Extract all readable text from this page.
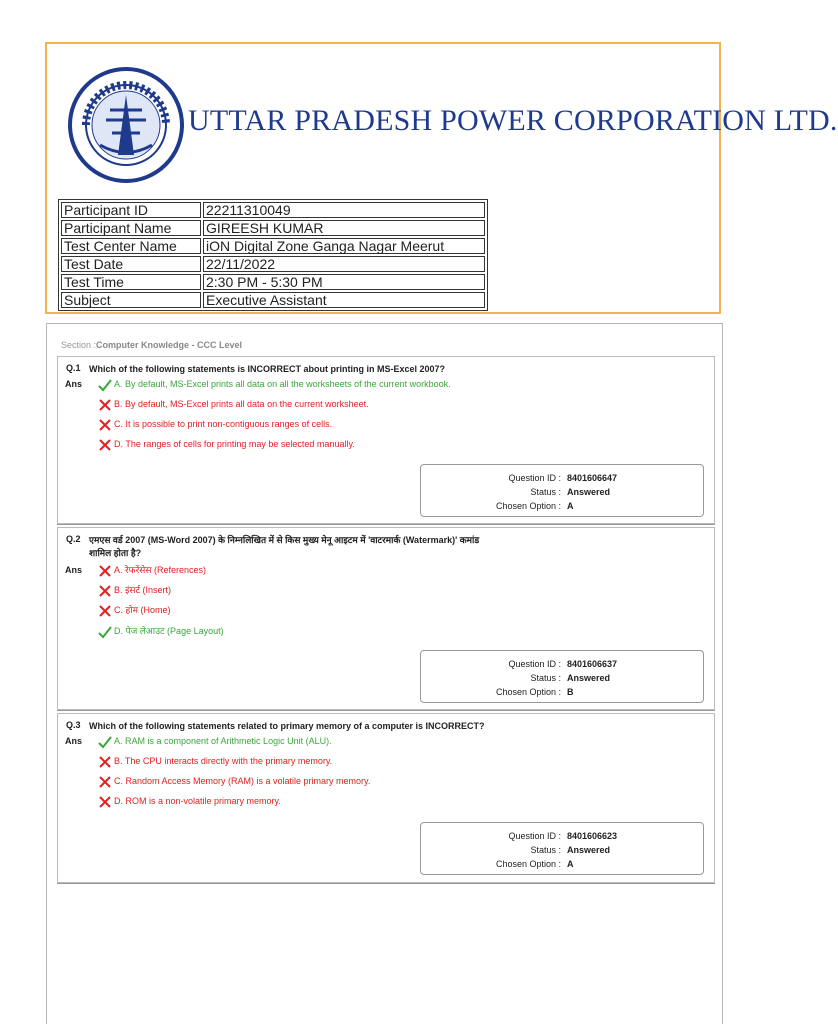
UTTAR PRADESH POWER CORPORATION LTD.
Participant ID	22211310049
Participant Name	GIREESH KUMAR
Test Center Name	iON Digital Zone Ganga Nagar Meerut
Test Date	22/11/2022
Test Time	2:30 PM - 5:30 PM
Subject	Executive Assistant
Section :Computer Knowledge - CCC Level
Q.1 Which of the following statements is INCORRECT about printing in MS-Excel 2007?
Ans	A. By default, MS-Excel prints all data on all the worksheets of the current workbook.
B. By default, MS-Excel prints all data on the current worksheet.
C. It is possible to print non-contiguous ranges of cells.
D. The ranges of cells for printing may be selected manually.
Question ID : 8401606647
Status : Answered
Chosen Option : A
Q.2 एमएस वर्ड 2007 (MS-Word 2007) के निम्नलिखित में से किस मुख्य मेनू आइटम में 'वाटरमार्क (Watermark)' कमांड शामिल होता है?
Ans	A. रेफरेंसेस (References)
B. इंसर्ट (Insert)
C. होम (Home)
D. पेज लेआउट (Page Layout)
Question ID : 8401606637
Status : Answered
Chosen Option : B
Q.3 Which of the following statements related to primary memory of a computer is INCORRECT?
Ans	A. RAM is a component of Arithmetic Logic Unit (ALU).
B. The CPU interacts directly with the primary memory.
C. Random Access Memory (RAM) is a volatile primary memory.
D. ROM is a non-volatile primary memory.
Question ID : 8401606623
Status : Answered
Chosen Option : A
